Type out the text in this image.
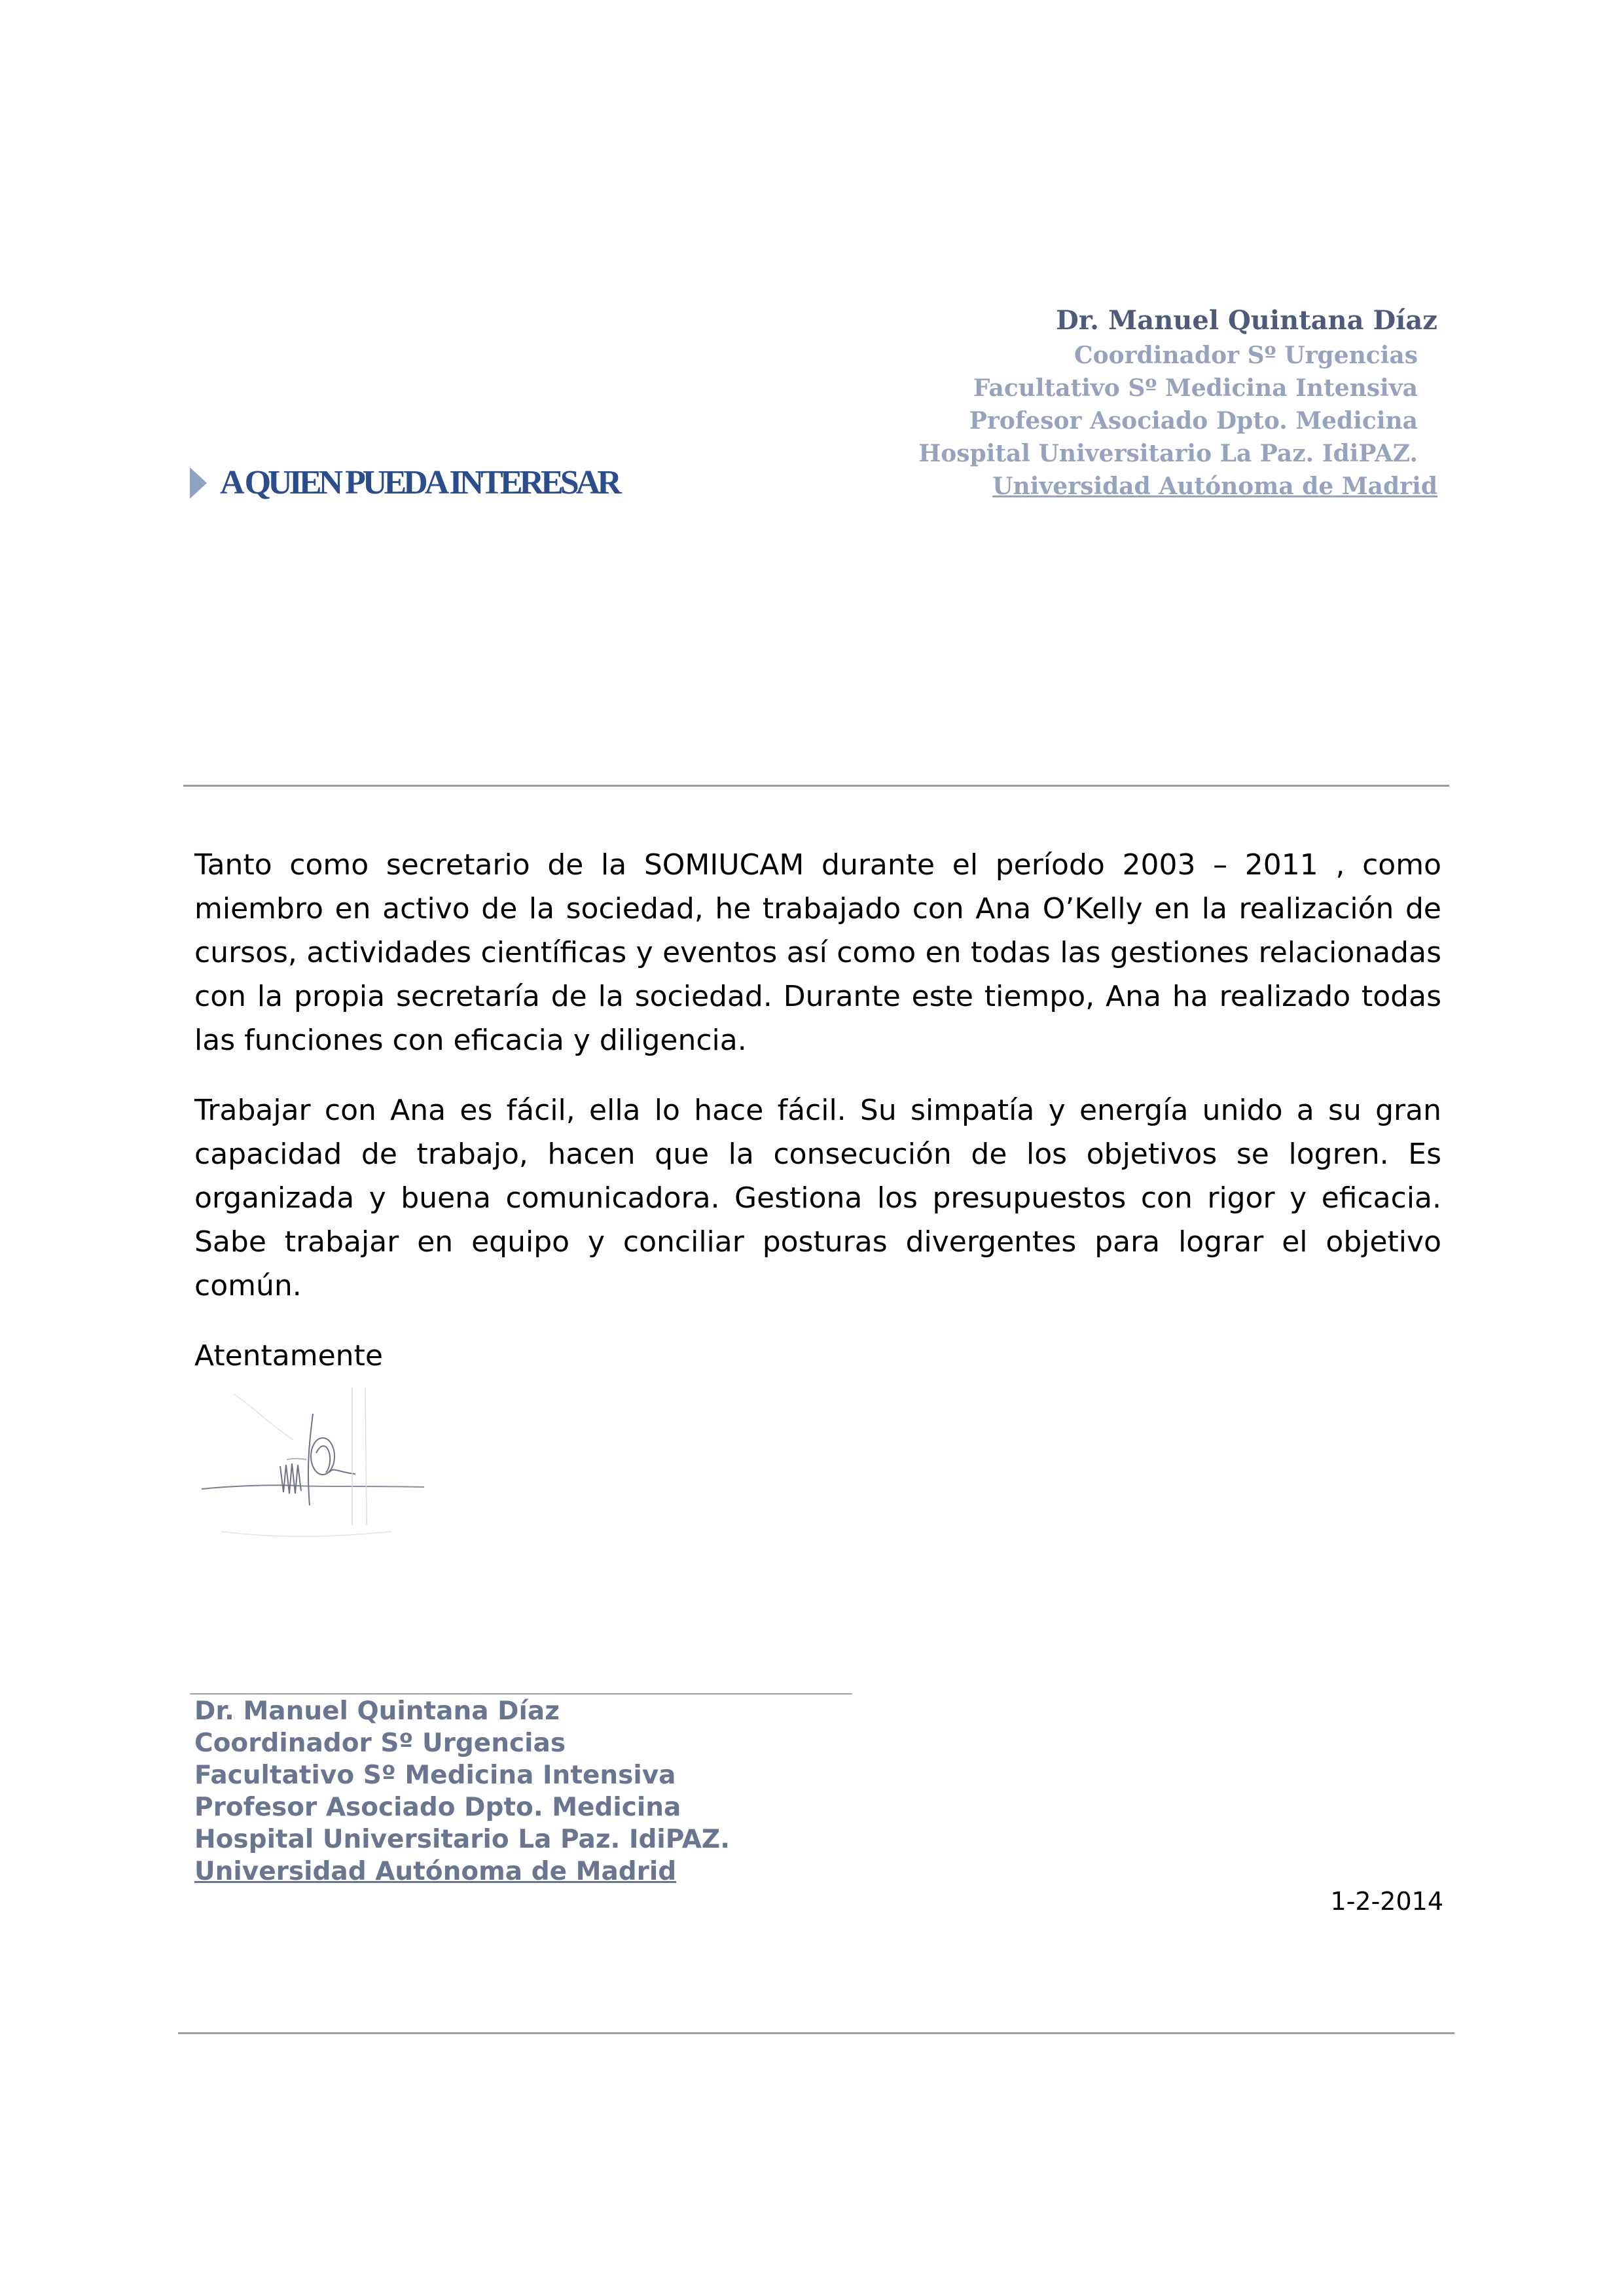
Dr. Manuel Quintana Díaz
Coordinador Sº Urgencias
Facultativo Sº Medicina Intensiva
Profesor Asociado Dpto. Medicina
Hospital Universitario La Paz. IdiPAZ.
Universidad Autónoma de Madrid
A QUIEN PUEDA INTERESAR

Tanto como secretario de la SOMIUCAM durante el período 2003 – 2011 , como miembro en activo de la sociedad, he trabajado con Ana O’Kelly en la realización de cursos, actividades científicas y eventos así como en todas las gestiones relacionadas con la propia secretaría de la sociedad. Durante este tiempo, Ana ha realizado todas las funciones con eficacia y diligencia.

Trabajar con Ana es fácil, ella lo hace fácil. Su simpatía y energía unido a su gran capacidad de trabajo, hacen que la consecución de los objetivos se logren. Es organizada y buena comunicadora. Gestiona los presupuestos con rigor y eficacia. Sabe trabajar en equipo y conciliar posturas divergentes para lograr el objetivo común.

Atentamente
Dr. Manuel Quintana Díaz
Coordinador Sº Urgencias
Facultativo Sº Medicina Intensiva
Profesor Asociado Dpto. Medicina
Hospital Universitario La Paz. IdiPAZ.
Universidad Autónoma de Madrid
1-2-2014
